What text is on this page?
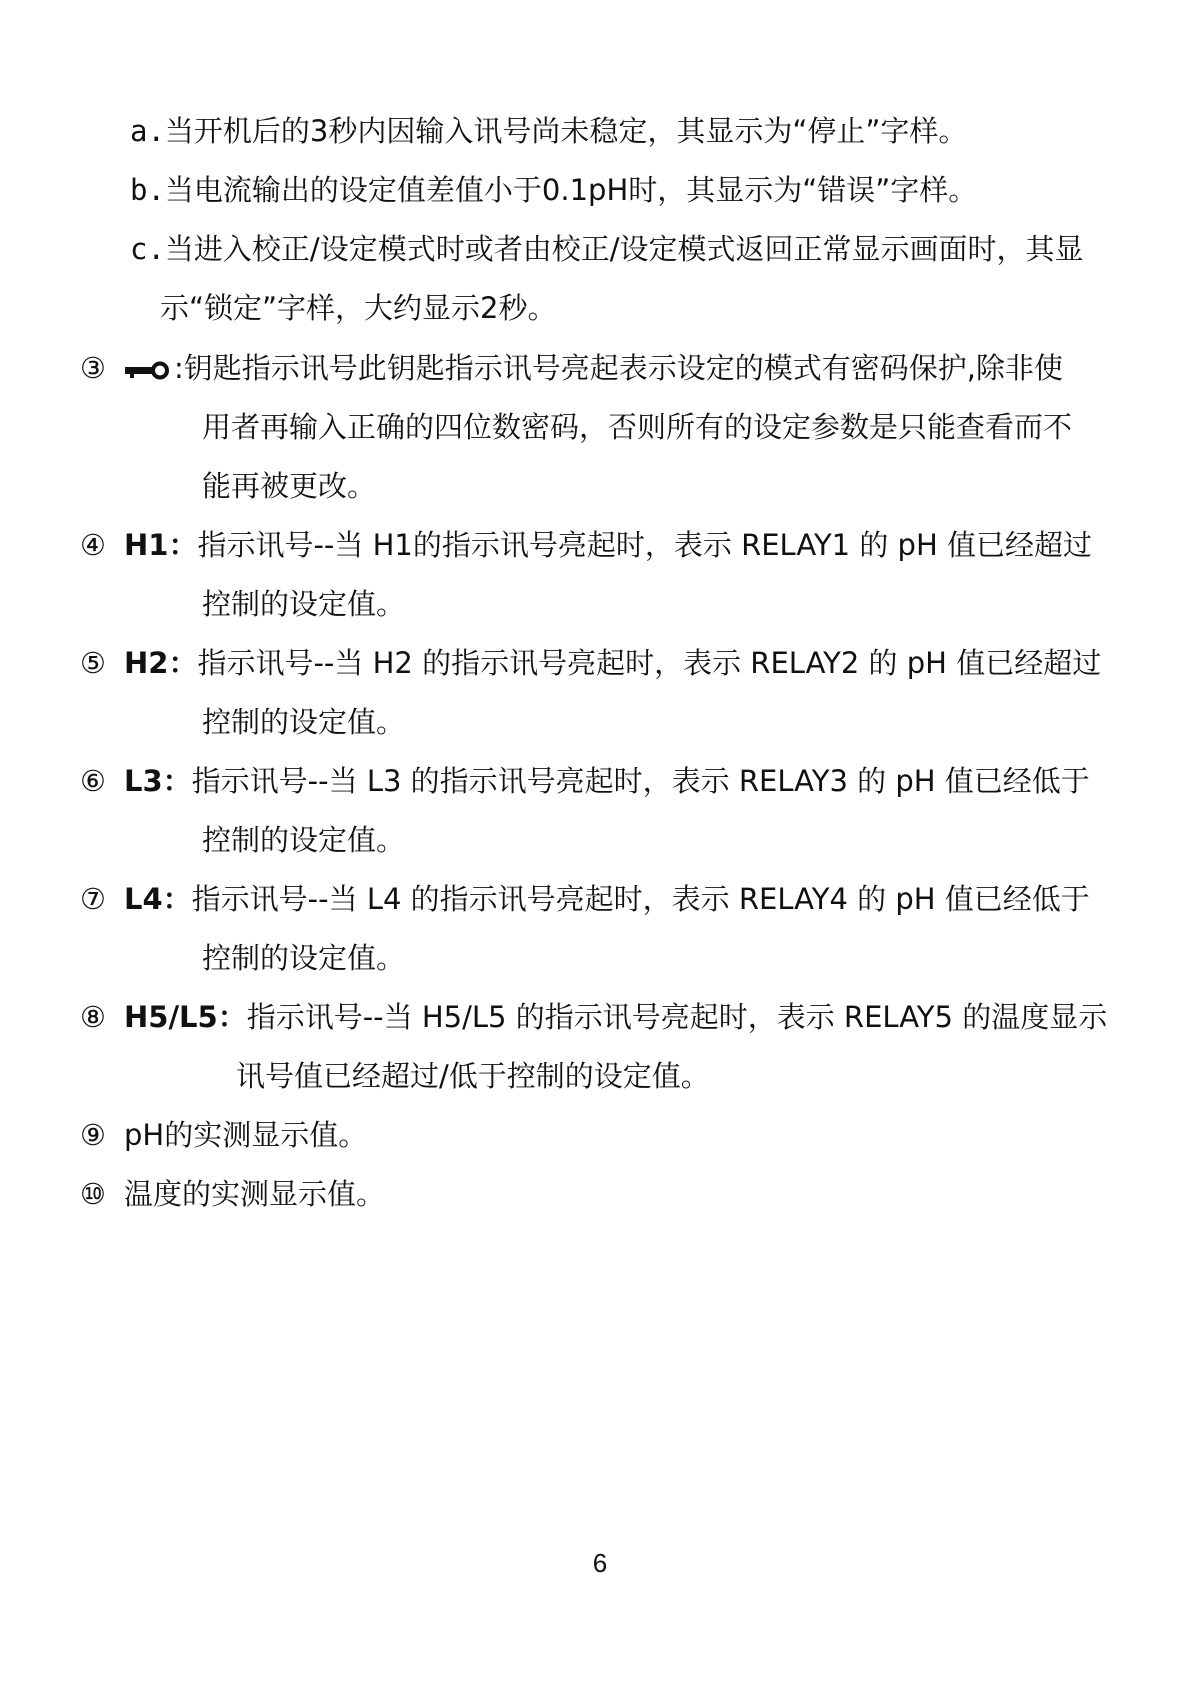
a.当开机后的3秒内因输入讯号尚未稳定，其显示为“停止”字样。
b.当电流输出的设定值差值小于0.1pH时，其显示为“错误”字样。
c.当进入校正/设定模式时或者由校正/设定模式返回正常显示画面时，其显
示“锁定”字样，大约显示2秒。
③ :钥匙指示讯号此钥匙指示讯号亮起表示设定的模式有密码保护,除非使
用者再输入正确的四位数密码，否则所有的设定参数是只能查看而不
能再被更改。
④ H1：指示讯号--当 H1的指示讯号亮起时，表示 RELAY1 的 pH 值已经超过
控制的设定值。
⑤ H2：指示讯号--当 H2 的指示讯号亮起时，表示 RELAY2 的 pH 值已经超过
控制的设定值。
⑥ L3：指示讯号--当 L3 的指示讯号亮起时，表示 RELAY3 的 pH 值已经低于
控制的设定值。
⑦ L4：指示讯号--当 L4 的指示讯号亮起时，表示 RELAY4 的 pH 值已经低于
控制的设定值。
⑧ H5/L5：指示讯号--当 H5/L5 的指示讯号亮起时，表示 RELAY5 的温度显示
讯号值已经超过/低于控制的设定值。
⑨ pH的实测显示值。
⑩ 温度的实测显示值。
6
